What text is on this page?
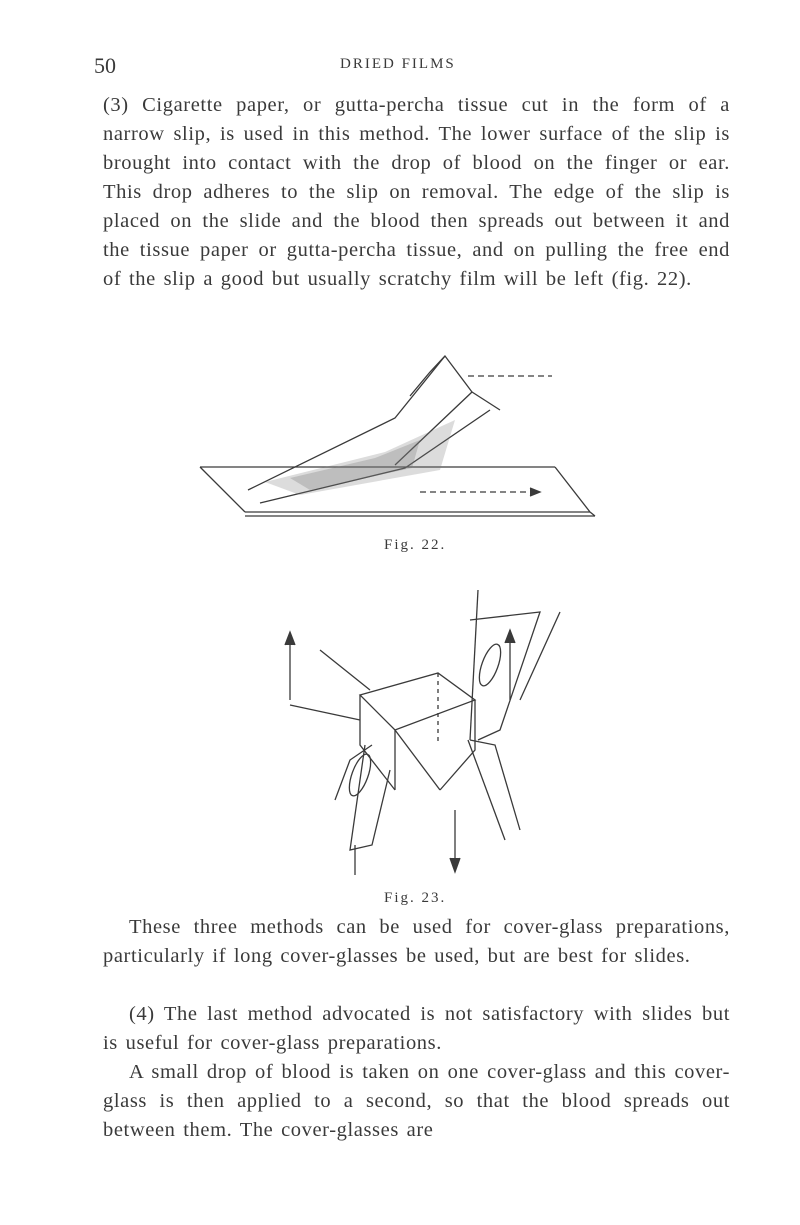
50	DRIED FILMS

(3) Cigarette paper, or gutta-percha tissue cut in the form of a narrow slip, is used in this method. The lower surface of the slip is brought into contact with the drop of blood on the finger or ear. This drop adheres to the slip on removal. The edge of the slip is placed on the slide and the blood then spreads out between it and the tissue paper or gutta-percha tissue, and on pulling the free end of the slip a good but usually scratchy film will be left (fig. 22).

Fig. 22.
Fig. 23.

These three methods can be used for cover-glass preparations, particularly if long cover-glasses be used, but are best for slides.

(4) The last method advocated is not satisfactory with slides but is useful for cover-glass preparations.

A small drop of blood is taken on one cover-glass and this cover-glass is then applied to a second, so that the blood spreads out between them. The cover-glasses are
